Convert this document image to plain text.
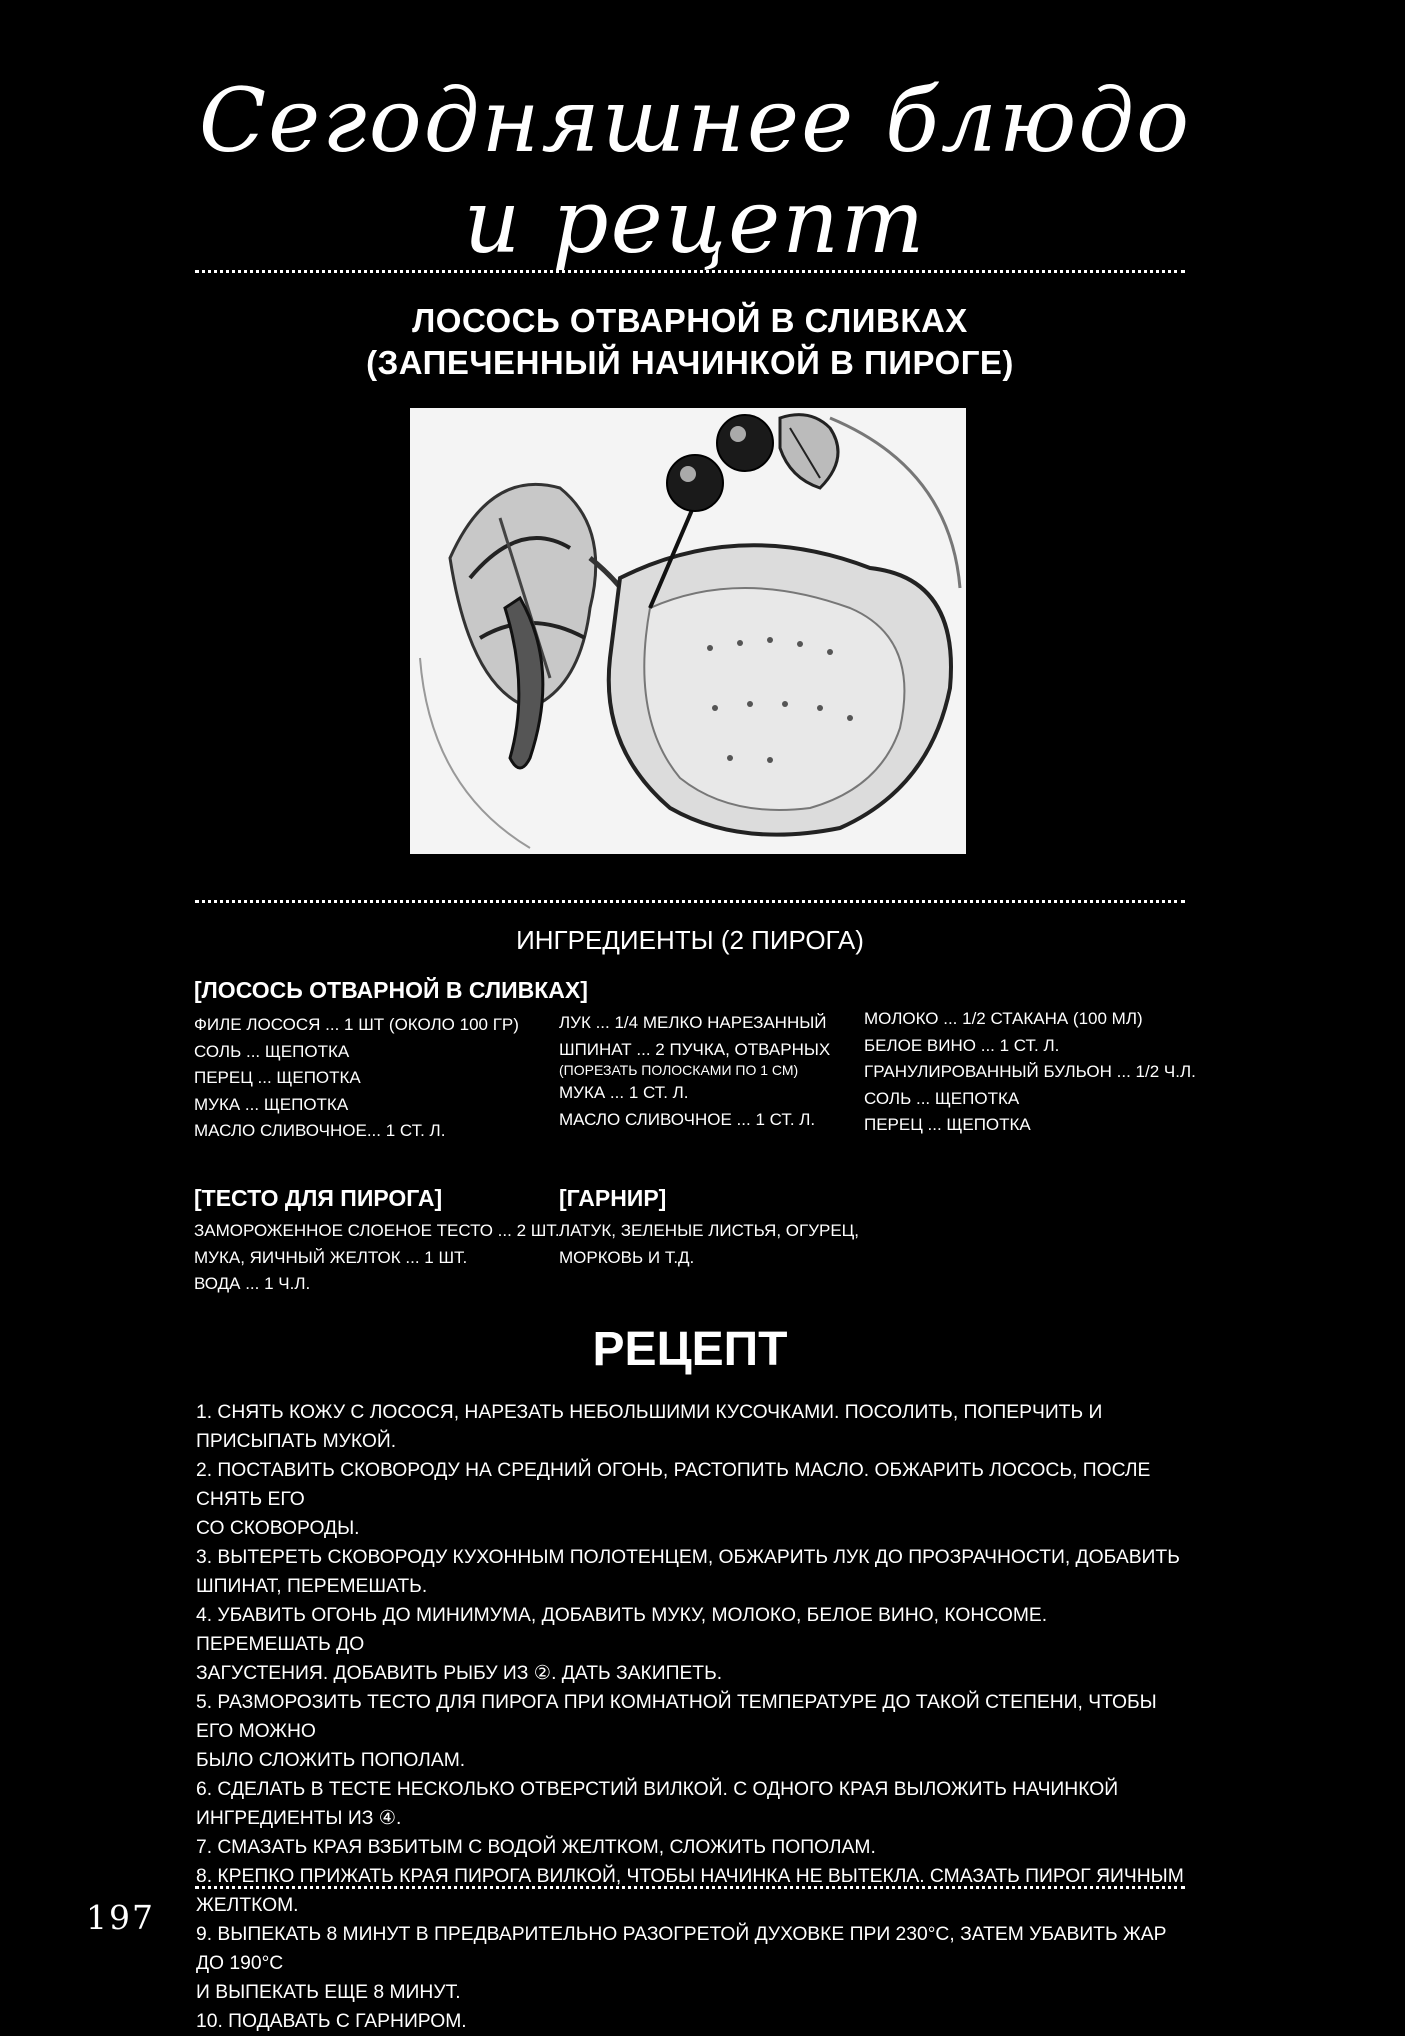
Сегодняшнее блюдо и рецепт
ЛОСОСЬ ОТВАРНОЙ В СЛИВКАХ
(ЗАПЕЧЕННЫЙ НАЧИНКОЙ В ПИРОГЕ)
ИНГРЕДИЕНТЫ (2 ПИРОГА)
[ЛОСОСЬ ОТВАРНОЙ В СЛИВКАХ]
ФИЛЕ ЛОСОСЯ ... 1 ШТ (ОКОЛО 100 ГР)
СОЛЬ ... ЩЕПОТКА
ПЕРЕЦ ... ЩЕПОТКА
МУКА ... ЩЕПОТКА
МАСЛО СЛИВОЧНОЕ... 1 СТ. Л.
ЛУК ... 1/4 МЕЛКО НАРЕЗАННЫЙ
ШПИНАТ ... 2 ПУЧКА, ОТВАРНЫХ
(ПОРЕЗАТЬ ПОЛОСКАМИ ПО 1 СМ)
МУКА ... 1 СТ. Л.
МАСЛО СЛИВОЧНОЕ ... 1 СТ. Л.
МОЛОКО ... 1/2 СТАКАНА (100 МЛ)
БЕЛОЕ ВИНО ... 1 СТ. Л.
ГРАНУЛИРОВАННЫЙ БУЛЬОН ... 1/2 Ч.Л.
СОЛЬ ... ЩЕПОТКА
ПЕРЕЦ ... ЩЕПОТКА
[ТЕСТО ДЛЯ ПИРОГА]
ЗАМОРОЖЕННОЕ СЛОЕНОЕ ТЕСТО ... 2 ШТ.
МУКА, ЯИЧНЫЙ ЖЕЛТОК ... 1 ШТ.
ВОДА ... 1 Ч.Л.
[ГАРНИР]
ЛАТУК, ЗЕЛЕНЫЕ ЛИСТЬЯ, ОГУРЕЦ,
МОРКОВЬ И Т.Д.
РЕЦЕПТ
1. СНЯТЬ КОЖУ С ЛОСОСЯ, НАРЕЗАТЬ НЕБОЛЬШИМИ КУСОЧКАМИ. ПОСОЛИТЬ, ПОПЕРЧИТЬ И ПРИСЫПАТЬ МУКОЙ.
2. ПОСТАВИТЬ СКОВОРОДУ НА СРЕДНИЙ ОГОНЬ, РАСТОПИТЬ МАСЛО. ОБЖАРИТЬ ЛОСОСЬ, ПОСЛЕ СНЯТЬ ЕГО
СО СКОВОРОДЫ.
3. ВЫТЕРЕТЬ СКОВОРОДУ КУХОННЫМ ПОЛОТЕНЦЕМ, ОБЖАРИТЬ ЛУК ДО ПРОЗРАЧНОСТИ, ДОБАВИТЬ
ШПИНАТ, ПЕРЕМЕШАТЬ.
4. УБАВИТЬ ОГОНЬ ДО МИНИМУМА, ДОБАВИТЬ МУКУ, МОЛОКО, БЕЛОЕ ВИНО, КОНСОМЕ. ПЕРЕМЕШАТЬ ДО
ЗАГУСТЕНИЯ. ДОБАВИТЬ РЫБУ ИЗ ②. ДАТЬ ЗАКИПЕТЬ.
5. РАЗМОРОЗИТЬ ТЕСТО ДЛЯ ПИРОГА ПРИ КОМНАТНОЙ ТЕМПЕРАТУРЕ ДО ТАКОЙ СТЕПЕНИ, ЧТОБЫ ЕГО МОЖНО
БЫЛО СЛОЖИТЬ ПОПОЛАМ.
6. СДЕЛАТЬ В ТЕСТЕ НЕСКОЛЬКО ОТВЕРСТИЙ ВИЛКОЙ. С ОДНОГО КРАЯ ВЫЛОЖИТЬ НАЧИНКОЙ
ИНГРЕДИЕНТЫ ИЗ ④.
7. СМАЗАТЬ КРАЯ ВЗБИТЫМ С ВОДОЙ ЖЕЛТКОМ, СЛОЖИТЬ ПОПОЛАМ.
8. КРЕПКО ПРИЖАТЬ КРАЯ ПИРОГА ВИЛКОЙ, ЧТОБЫ НАЧИНКА НЕ ВЫТЕКЛА. СМАЗАТЬ ПИРОГ ЯИЧНЫМ ЖЕЛТКОМ.
9. ВЫПЕКАТЬ 8 МИНУТ В ПРЕДВАРИТЕЛЬНО РАЗОГРЕТОЙ ДУХОВКЕ ПРИ 230°C, ЗАТЕМ УБАВИТЬ ЖАР ДО 190°C
И ВЫПЕКАТЬ ЕЩЕ 8 МИНУТ.
10. ПОДАВАТЬ С ГАРНИРОМ.
197
